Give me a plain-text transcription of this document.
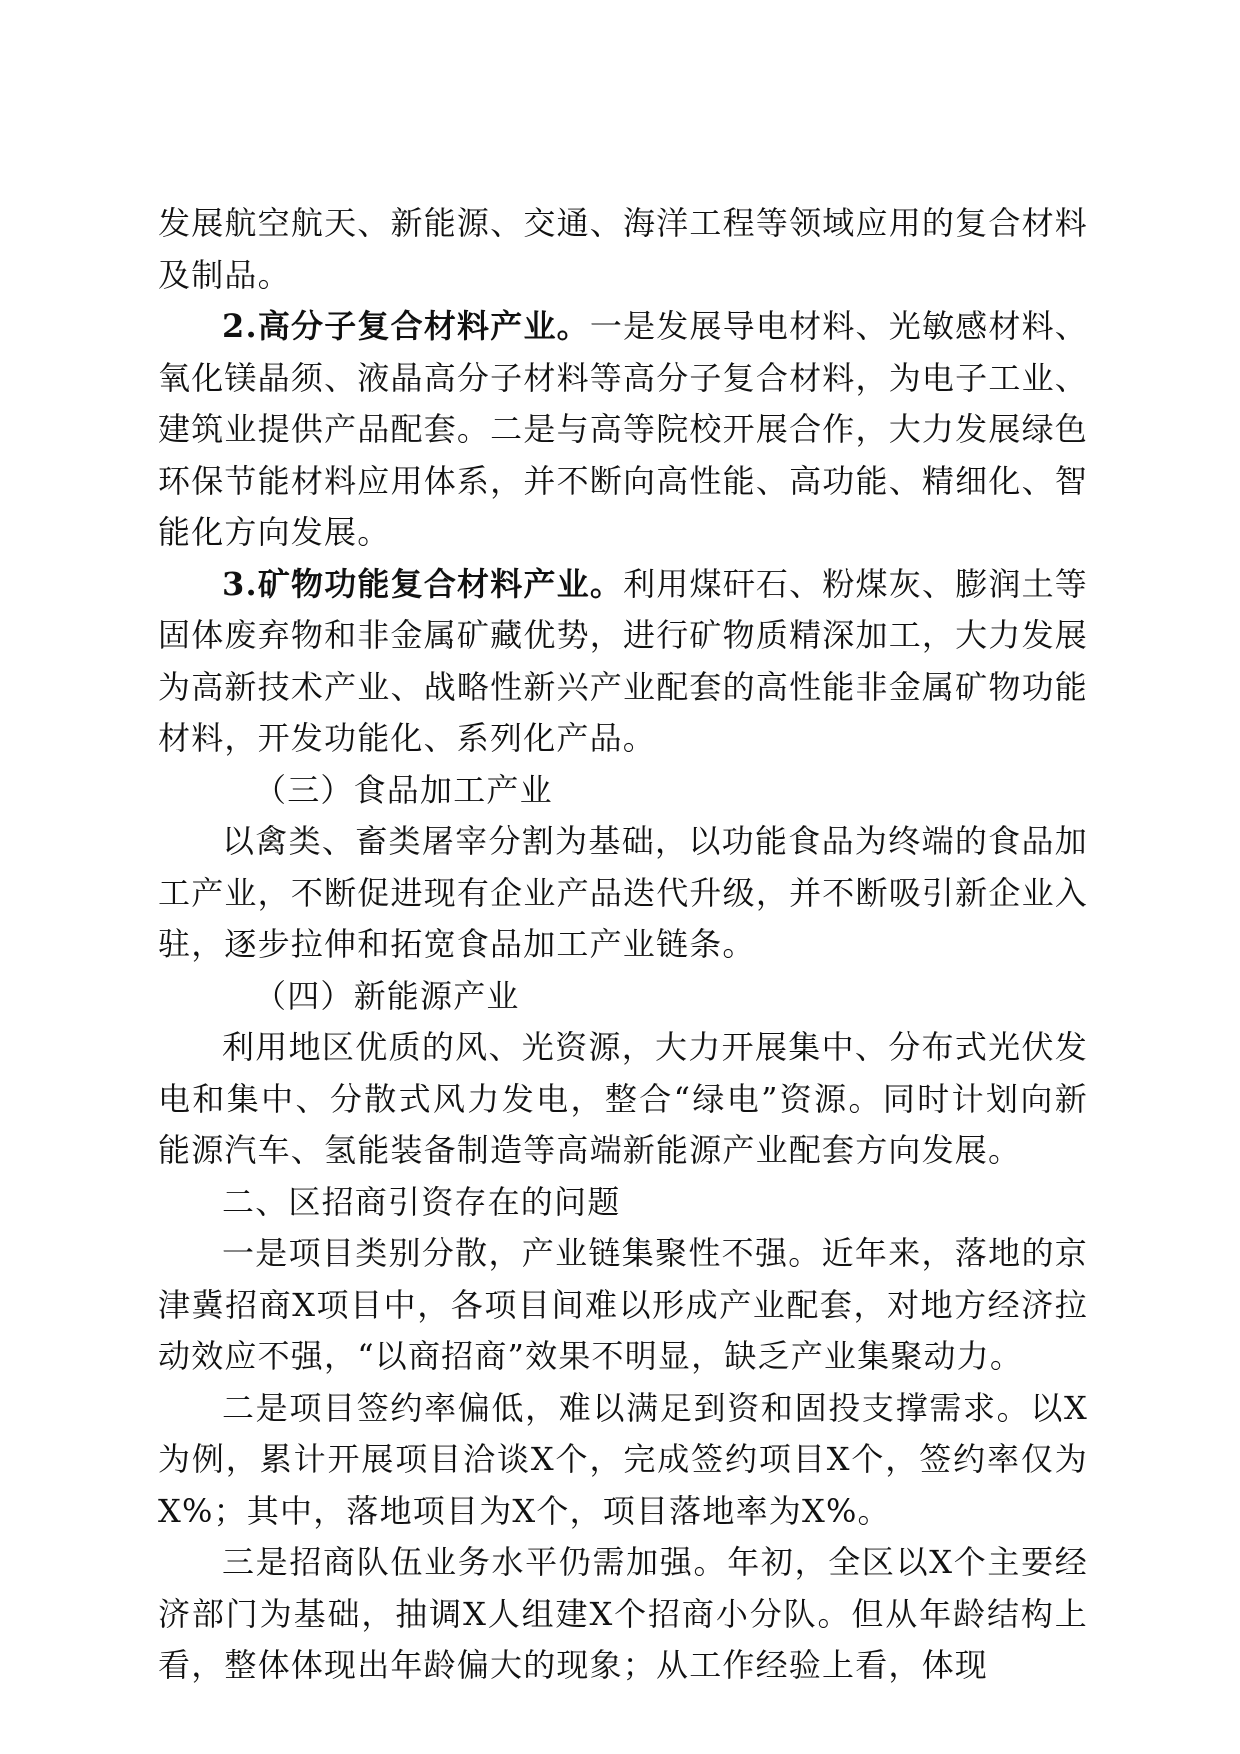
发展航空航天、新能源、交通、海洋工程等领域应用的复合材料及制品。

2.高分子复合材料产业。一是发展导电材料、光敏感材料、氧化镁晶须、液晶高分子材料等高分子复合材料，为电子工业、建筑业提供产品配套。二是与高等院校开展合作，大力发展绿色环保节能材料应用体系，并不断向高性能、高功能、精细化、智能化方向发展。

3.矿物功能复合材料产业。利用煤矸石、粉煤灰、膨润土等固体废弃物和非金属矿藏优势，进行矿物质精深加工，大力发展为高新技术产业、战略性新兴产业配套的高性能非金属矿物功能材料，开发功能化、系列化产品。

（三）食品加工产业

以禽类、畜类屠宰分割为基础，以功能食品为终端的食品加工产业，不断促进现有企业产品迭代升级，并不断吸引新企业入驻，逐步拉伸和拓宽食品加工产业链条。

（四）新能源产业

利用地区优质的风、光资源，大力开展集中、分布式光伏发电和集中、分散式风力发电，整合“绿电”资源。同时计划向新能源汽车、氢能装备制造等高端新能源产业配套方向发展。

二、区招商引资存在的问题

一是项目类别分散，产业链集聚性不强。近年来，落地的京津冀招商X项目中，各项目间难以形成产业配套，对地方经济拉动效应不强，“以商招商”效果不明显，缺乏产业集聚动力。

二是项目签约率偏低，难以满足到资和固投支撑需求。以X为例，累计开展项目洽谈X个，完成签约项目X个，签约率仅为X%；其中，落地项目为X个，项目落地率为X%。

三是招商队伍业务水平仍需加强。年初，全区以X个主要经济部门为基础，抽调X人组建X个招商小分队。但从年龄结构上看，整体体现出年龄偏大的现象；从工作经验上看，体现
